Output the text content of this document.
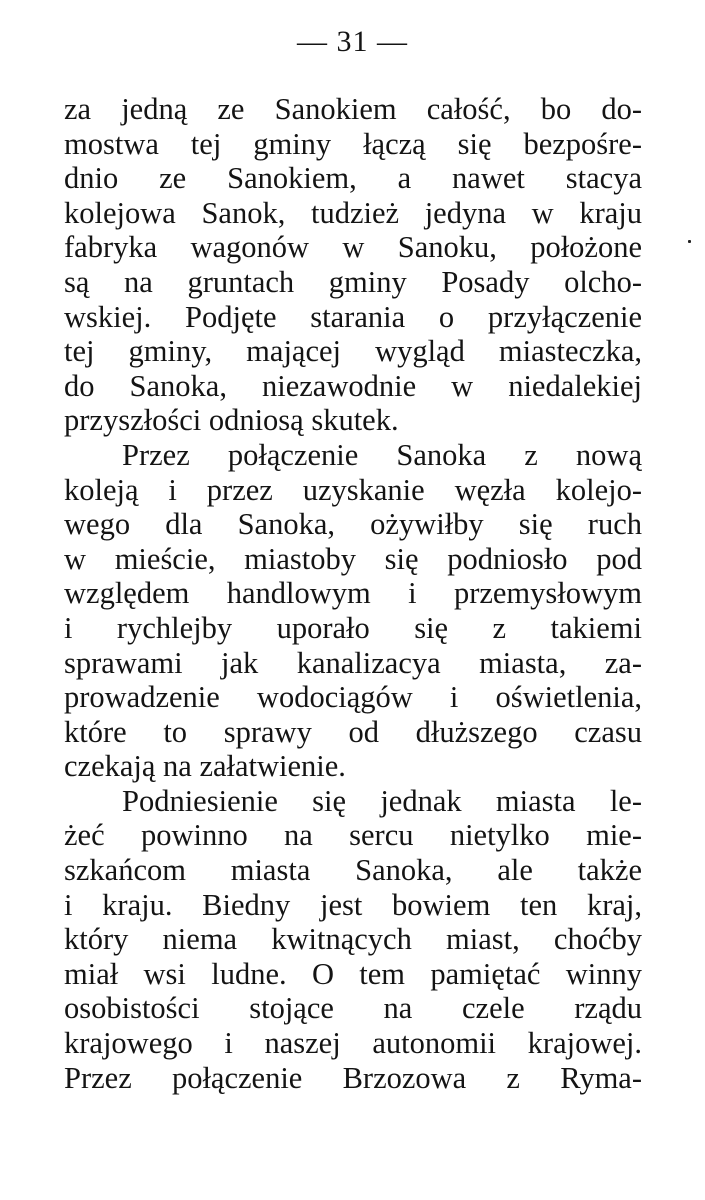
— 31 —
za jedną ze Sanokiem całość, bo do-
mostwa tej gminy łączą się bezpośre-
dnio ze Sanokiem, a nawet stacya
kolejowa Sanok, tudzież jedyna w kraju
fabryka wagonów w Sanoku, położone
są na gruntach gminy Posady olcho-
wskiej. Podjęte starania o przyłączenie
tej gminy, mającej wygląd miasteczka,
do Sanoka, niezawodnie w niedalekiej
przyszłości odniosą skutek.
Przez połączenie Sanoka z nową
koleją i przez uzyskanie węzła kolejo-
wego dla Sanoka, ożywiłby się ruch
w mieście, miastoby się podniosło pod
względem handlowym i przemysłowym
i rychlejby uporało się z takiemi
sprawami jak kanalizacya miasta, za-
prowadzenie wodociągów i oświetlenia,
które to sprawy od dłuższego czasu
czekają na załatwienie.
Podniesienie się jednak miasta le-
żeć powinno na sercu nietylko mie-
szkańcom miasta Sanoka, ale także
i kraju. Biedny jest bowiem ten kraj,
który niema kwitnących miast, choćby
miał wsi ludne. O tem pamiętać winny
osobistości stojące na czele rządu
krajowego i naszej autonomii krajowej.
Przez połączenie Brzozowa z Ryma-
